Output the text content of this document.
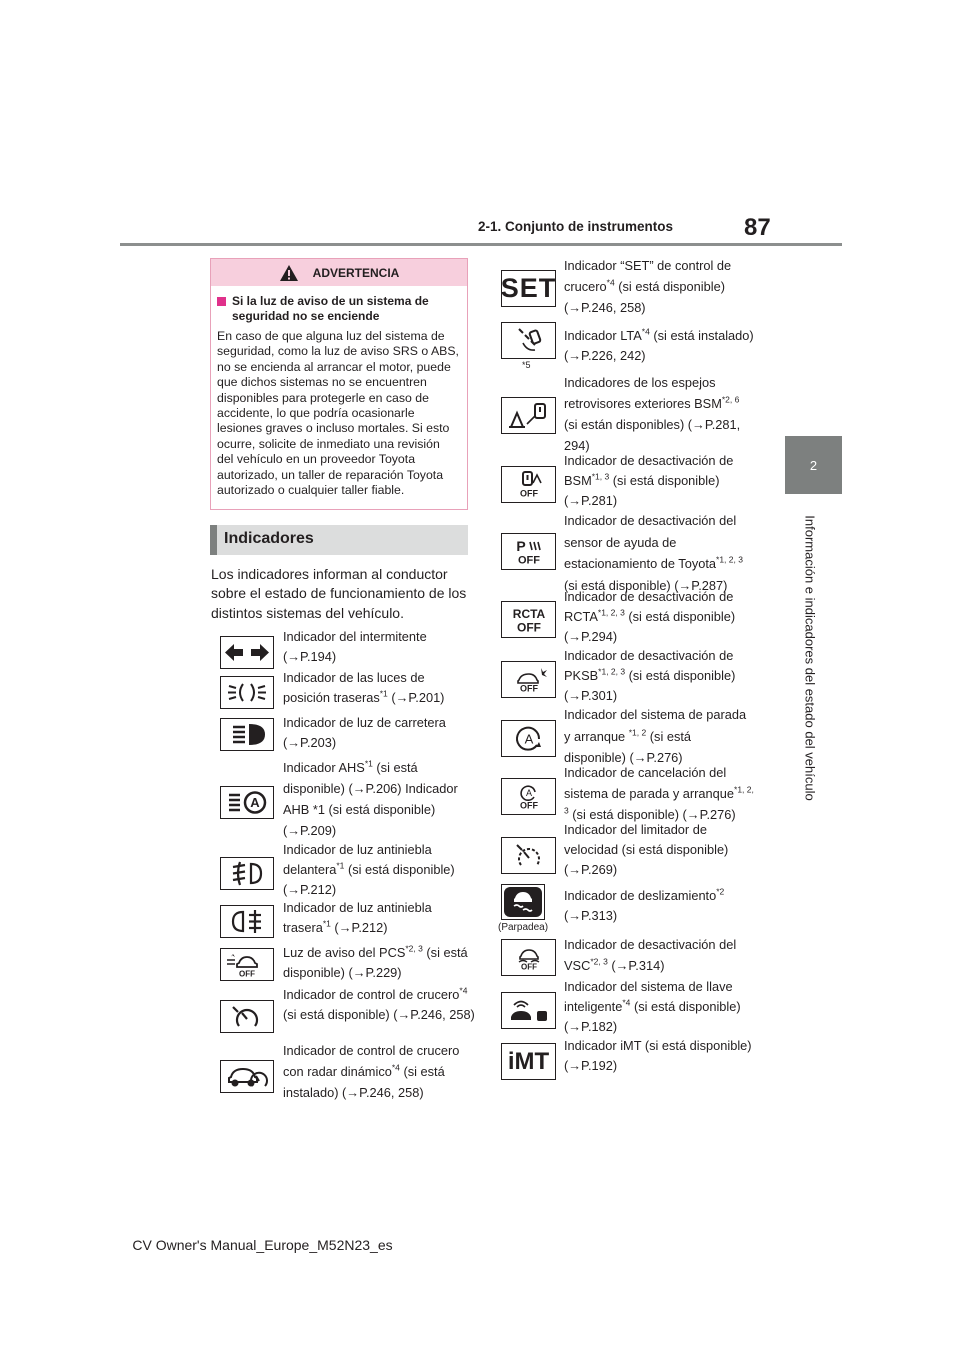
87
2-1. Conjunto de instrumentos
2
Información e indicadores del estado del vehículo
ADVERTENCIA
Si la luz de aviso de un sistema de seguridad no se enciende
En caso de que alguna luz del sistema de seguridad, como la luz de aviso SRS o ABS, no se encienda al arrancar el motor, puede que dichos sistemas no se encuentren disponibles para protegerle en caso de accidente, lo que podría ocasionarle lesiones graves o incluso mortales. Si esto ocurre, solicite de inmediato una revisión del vehículo en un proveedor Toyota autorizado, un taller de reparación Toyota autorizado o cualquier taller fiable.
Indicadores
Los indicadores informan al conductor sobre el estado de funcionamiento de los distintos sistemas del vehículo.
Indicador del intermitente
(→P.194)
Indicador de las luces de posición traseras$^{*1}$ (→P.201)
Indicador de luz de carretera
(→P.203)
A
Indicador AHS$^{*1}$ (si está disponible) (→P.206) Indicador AHB *1 (si está disponible) (→P.209)
Indicador de luz antiniebla delantera$^{*1}$ (si está disponible) (→P.212)
Indicador de luz antiniebla trasera$^{*1}$ (→P.212)
OFF
Luz de aviso del PCS$^{*2, 3}$ (si está disponible) (→P.229)
Indicador de control de crucero$^{*4}$ (si está disponible) (→P.246, 258)
Indicador de control de crucero con radar dinámico$^{*4}$ (si está instalado) (→P.246, 258)
SET
Indicador “SET” de control de crucero$^{*4}$ (si está disponible) (→P.246, 258)
*5
Indicador LTA$^{*4}$ (si está instalado) (→P.226, 242)
Indicadores de los espejos retrovisores exteriores BSM$^{*2, 6}$ (si están disponibles) (→P.281, 294)
OFF
Indicador de desactivación de BSM$^{*1, 3}$ (si está disponible) (→P.281)
P
OFF
Indicador de desactivación del sensor de ayuda de estacionamiento de Toyota$^{*1, 2, 3}$ (si está disponible) (→P.287)
RCTA
OFF
Indicador de desactivación de RCTA$^{*1, 2, 3}$ (si está disponible) (→P.294)
OFF
Indicador de desactivación de PKSB$^{*1, 2, 3}$ (si está disponible) (→P.301)
A
Indicador del sistema de parada y arranque $^{*1, 2}$ (si está disponible) (→P.276)
A
OFF
Indicador de cancelación del sistema de parada y arranque$^{*1, 2, 3}$ (si está disponible) (→P.276)
Indicador del limitador de velocidad (si está disponible) (→P.269)
(Parpadea)
Indicador de deslizamiento$^{*2}$
(→P.313)
OFF
Indicador de desactivación del VSC$^{*2, 3}$ (→P.314)
Indicador del sistema de llave inteligente$^{*4}$ (si está disponible) (→P.182)
iMT
Indicador iMT (si está disponible) (→P.192)
CV Owner's Manual_Europe_M52N23_es
